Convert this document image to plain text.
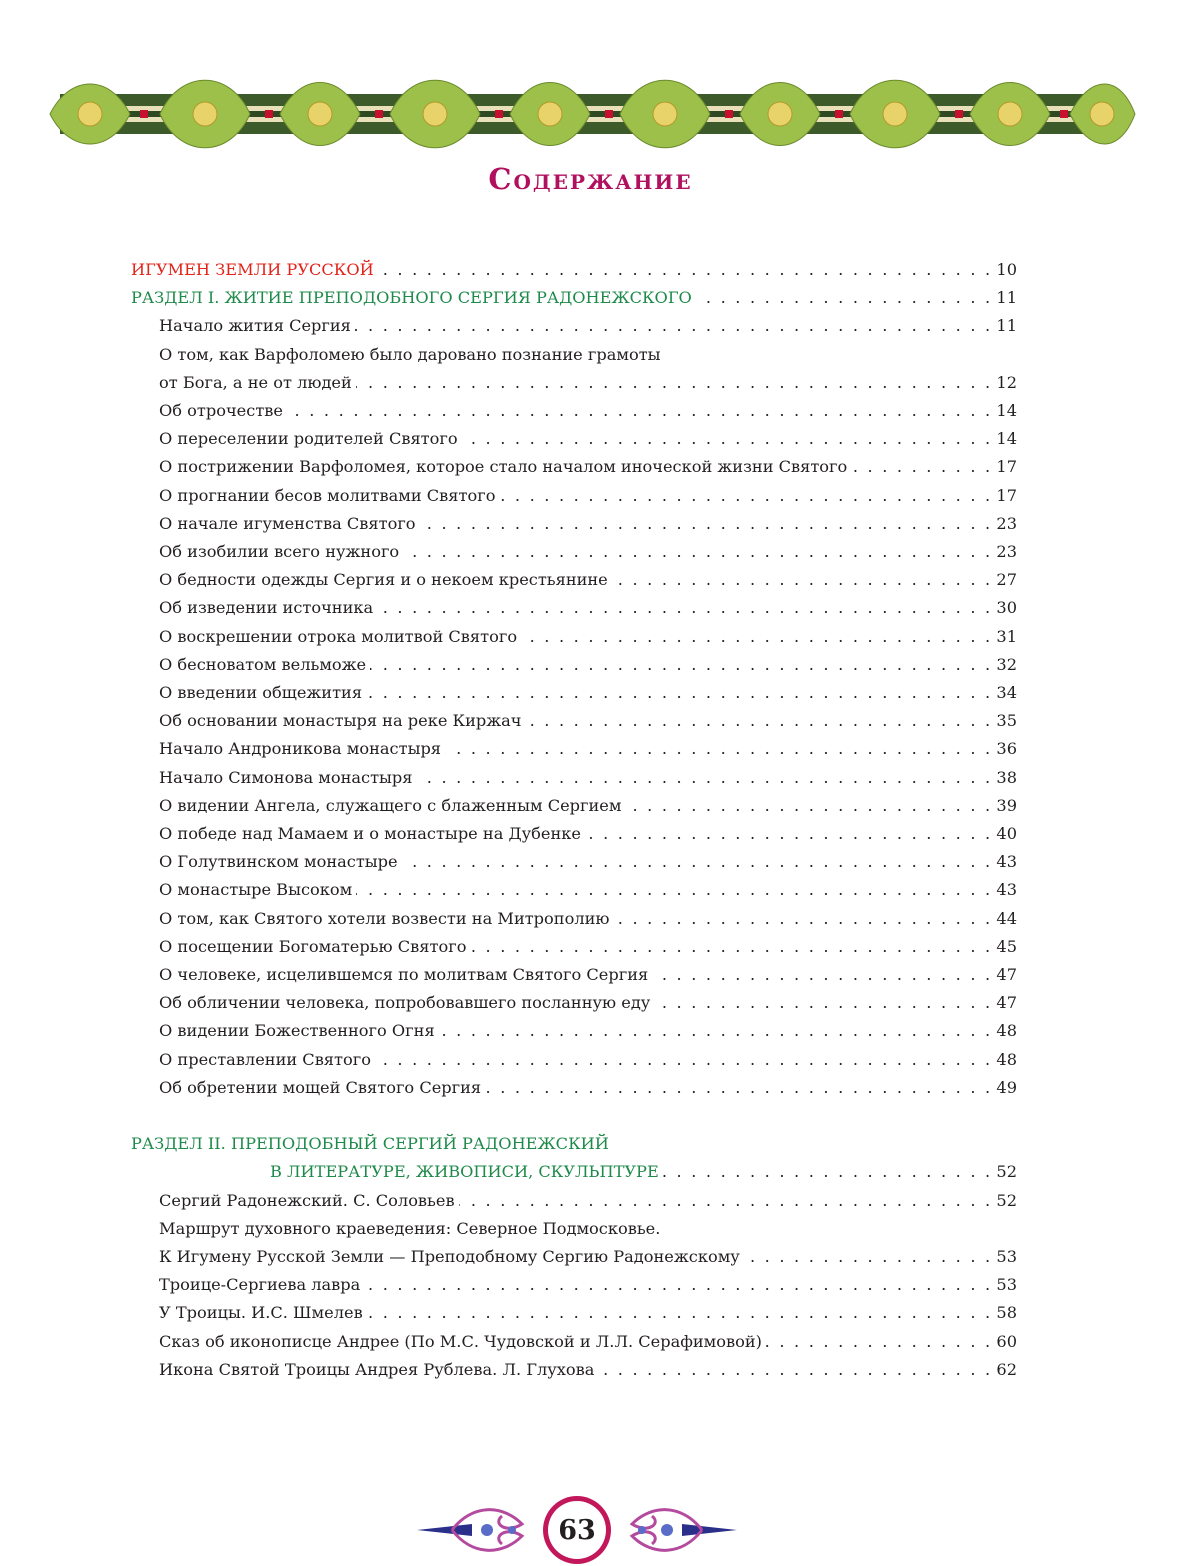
Содержание
ИГУМЕН ЗЕМЛИ РУССКОЙ . . .	10
РАЗДЕЛ I. ЖИТИЕ ПРЕПОДОБНОГО СЕРГИЯ РАДОНЕЖСКОГО . . .	11
Начало жития Сергия . . .	11
О том, как Варфоломею было даровано познание грамоты
от Бога, а не от людей . . .	12
Об отрочестве . . .	14
О переселении родителей Святого . . .	14
О пострижении Варфоломея, которое стало началом иноческой жизни Святого . . .	17
О прогнании бесов молитвами Святого . . .	17
О начале игуменства Святого . . .	23
Об изобилии всего нужного . . .	23
О бедности одежды Сергия и о некоем крестьянине . . .	27
Об изведении источника . . .	30
О воскрешении отрока молитвой Святого . . .	31
О бесноватом вельможе . . .	32
О введении общежития . . .	34
Об основании монастыря на реке Киржач . . .	35
Начало Андроникова монастыря . . .	36
Начало Симонова монастыря . . .	38
О видении Ангела, служащего с блаженным Сергием . . .	39
О победе над Мамаем и о монастыре на Дубенке . . .	40
О Голутвинском монастыре . . .	43
О монастыре Высоком . . .	43
О том, как Святого хотели возвести на Митрополию . . .	44
О посещении Богоматерью Святого . . .	45
О человеке, исцелившемся по молитвам Святого Сергия . . .	47
Об обличении человека, попробовавшего посланную еду . . .	47
О видении Божественного Огня . . .	48
О преставлении Святого . . .	48
Об обретении мощей Святого Сергия . . .	49
РАЗДЕЛ II. ПРЕПОДОБНЫЙ СЕРГИЙ РАДОНЕЖСКИЙ
В ЛИТЕРАТУРЕ, ЖИВОПИСИ, СКУЛЬПТУРЕ . . .	52
Сергий Радонежский. С. Соловьев . . .	52
Маршрут духовного краеведения: Северное Подмосковье.
К Игумену Русской Земли — Преподобному Сергию Радонежскому . . .	53
Троице-Сергиева лавра . . .	53
У Троицы. И.С. Шмелев . . .	58
Сказ об иконописце Андрее (По М.С. Чудовской и Л.Л. Серафимовой) . . .	60
Икона Святой Троицы Андрея Рублева. Л. Глухова . . .	62
63
